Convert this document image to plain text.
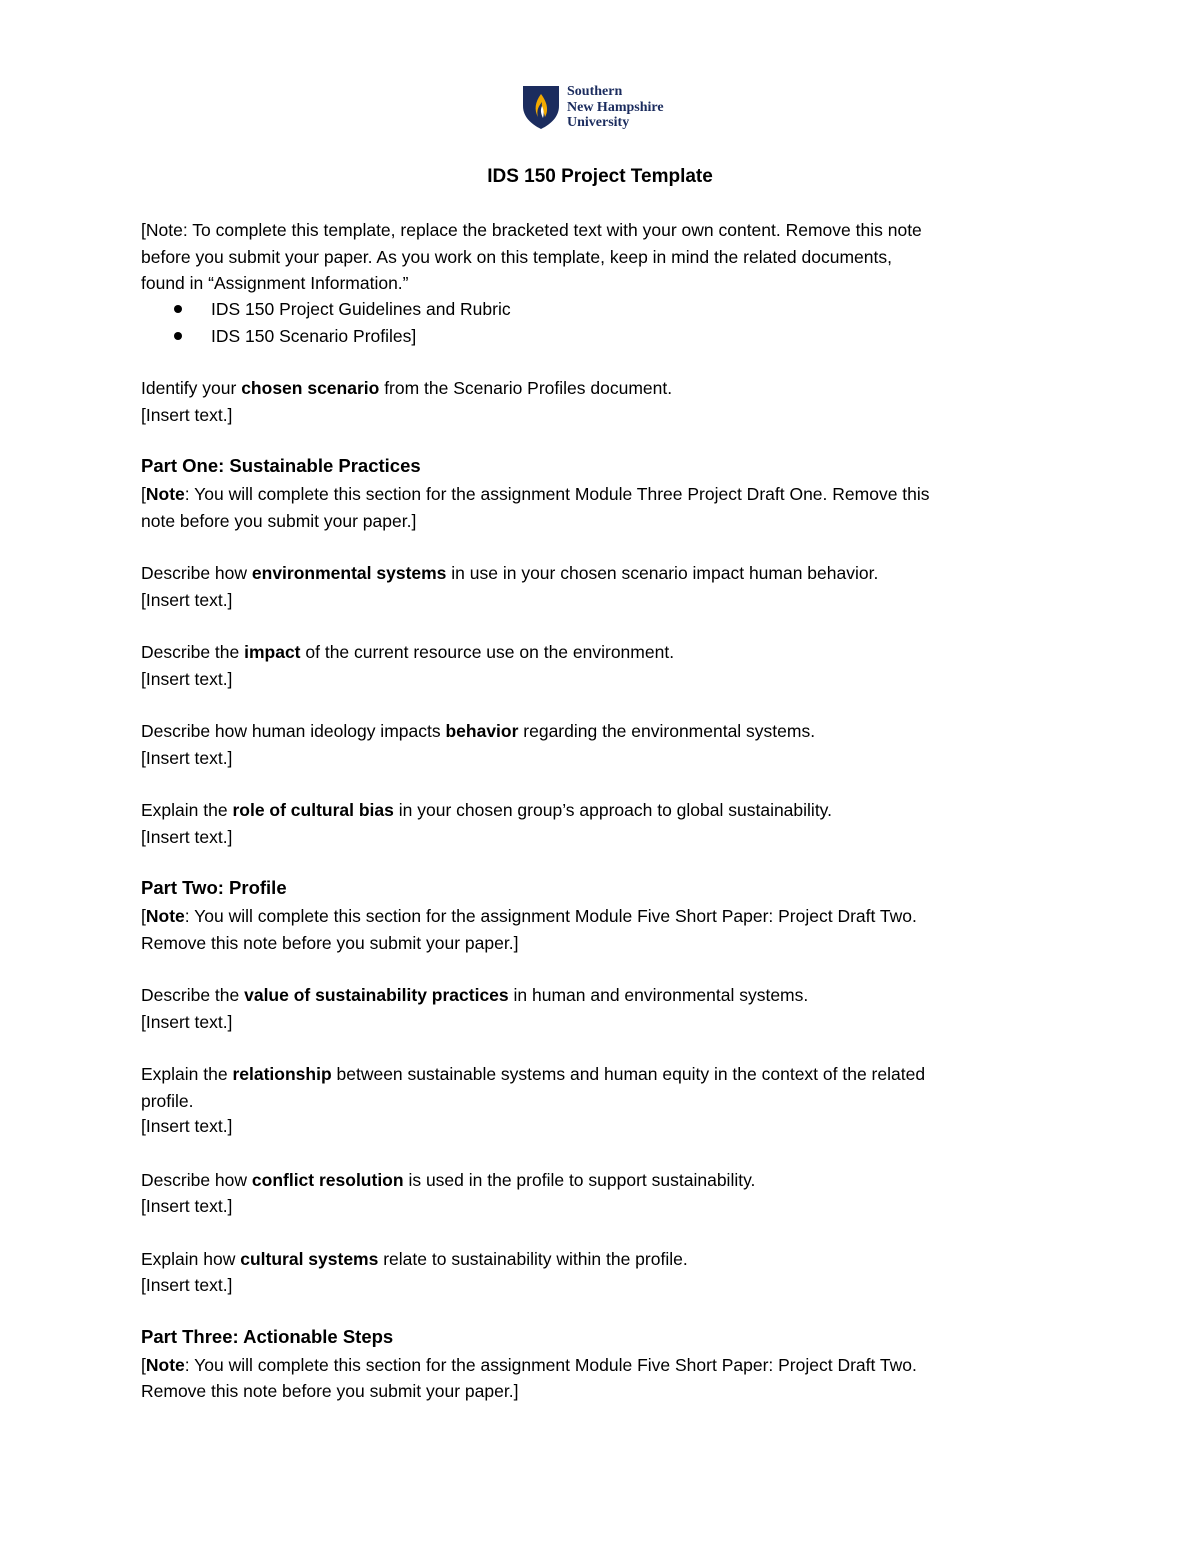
Southern
New Hampshire
University
IDS 150 Project Template
[Note: To complete this template, replace the bracketed text with your own content. Remove this note
before you submit your paper. As you work on this template, keep in mind the related documents,
found in “Assignment Information.”
IDS 150 Project Guidelines and Rubric
IDS 150 Scenario Profiles]
Identify your chosen scenario from the Scenario Profiles document.
[Insert text.]
Part One: Sustainable Practices
[Note: You will complete this section for the assignment Module Three Project Draft One. Remove this
note before you submit your paper.]
Describe how environmental systems in use in your chosen scenario impact human behavior.
[Insert text.]
Describe the impact of the current resource use on the environment.
[Insert text.]
Describe how human ideology impacts behavior regarding the environmental systems.
[Insert text.]
Explain the role of cultural bias in your chosen group’s approach to global sustainability.
[Insert text.]
Part Two: Profile
[Note: You will complete this section for the assignment Module Five Short Paper: Project Draft Two.
Remove this note before you submit your paper.]
Describe the value of sustainability practices in human and environmental systems.
[Insert text.]
Explain the relationship between sustainable systems and human equity in the context of the related
profile.
[Insert text.]
Describe how conflict resolution is used in the profile to support sustainability.
[Insert text.]
Explain how cultural systems relate to sustainability within the profile.
[Insert text.]
Part Three: Actionable Steps
[Note: You will complete this section for the assignment Module Five Short Paper: Project Draft Two.
Remove this note before you submit your paper.]
